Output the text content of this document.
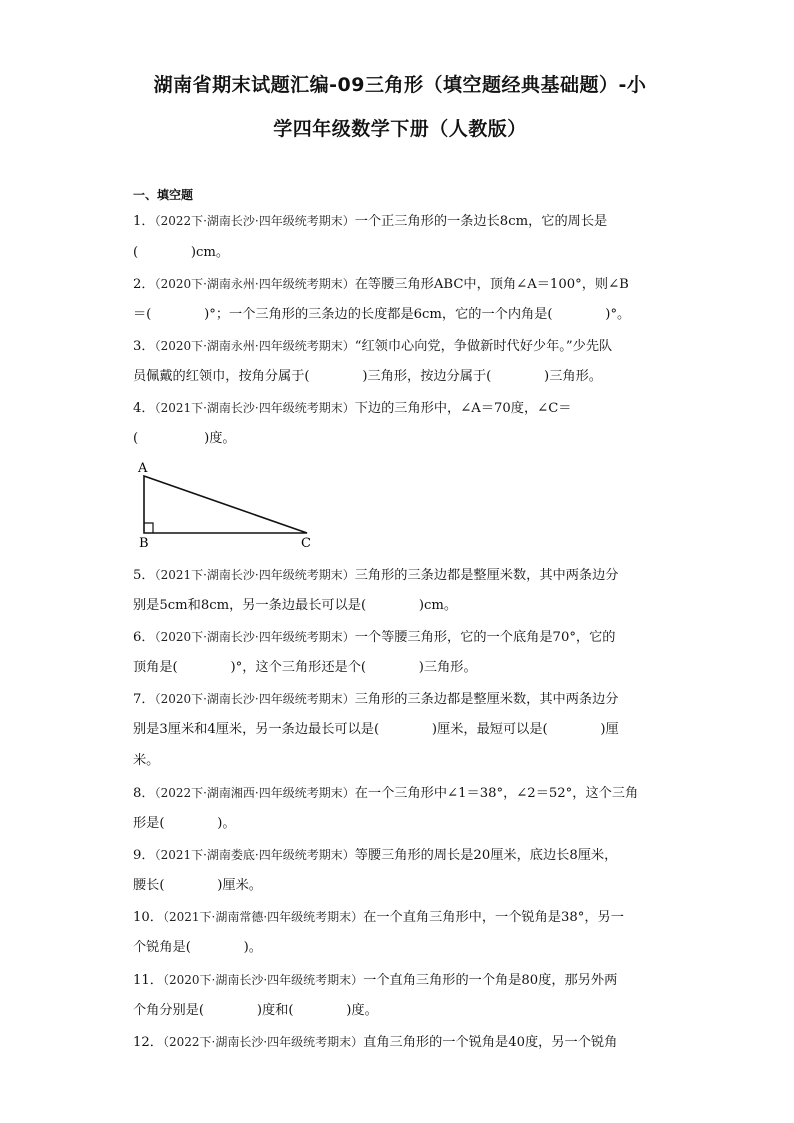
湖南省期末试题汇编-09三角形（填空题经典基础题）-小
学四年级数学下册（人教版）
一、填空题
1．（2022下·湖南长沙·四年级统考期末）一个正三角形的一条边长8cm，它的周长是
(　　　　)cm。
2．（2020下·湖南永州·四年级统考期末）在等腰三角形ABC中，顶角∠A＝100°，则∠B
＝(　　　　)°；一个三角形的三条边的长度都是6cm，它的一个内角是(　　　　)°。
3．（2020下·湖南永州·四年级统考期末）“红领巾心向党，争做新时代好少年。”少先队
员佩戴的红领巾，按角分属于(　　　　)三角形，按边分属于(　　　　)三角形。
4．（2021下·湖南长沙·四年级统考期末）下边的三角形中，∠A＝70度，∠C＝
(　　　　　)度。
A
B	C
5．（2021下·湖南长沙·四年级统考期末）三角形的三条边都是整厘米数，其中两条边分
别是5cm和8cm，另一条边最长可以是(　　　　)cm。
6．（2020下·湖南长沙·四年级统考期末）一个等腰三角形，它的一个底角是70°，它的
顶角是(　　　　)°，这个三角形还是个(　　　　)三角形。
7．（2020下·湖南长沙·四年级统考期末）三角形的三条边都是整厘米数，其中两条边分
别是3厘米和4厘米，另一条边最长可以是(　　　　)厘米，最短可以是(　　　　)厘
米。
8．（2022下·湖南湘西·四年级统考期末）在一个三角形中∠1＝38°，∠2＝52°，这个三角
形是(　　　　)。
9．（2021下·湖南娄底·四年级统考期末）等腰三角形的周长是20厘米，底边长8厘米，
腰长(　　　　)厘米。
10．（2021下·湖南常德·四年级统考期末）在一个直角三角形中，一个锐角是38°，另一
个锐角是(　　　　)。
11．（2020下·湖南长沙·四年级统考期末）一个直角三角形的一个角是80度，那另外两
个角分别是(　　　　)度和(　　　　)度。
12．（2022下·湖南长沙·四年级统考期末）直角三角形的一个锐角是40度，另一个锐角
